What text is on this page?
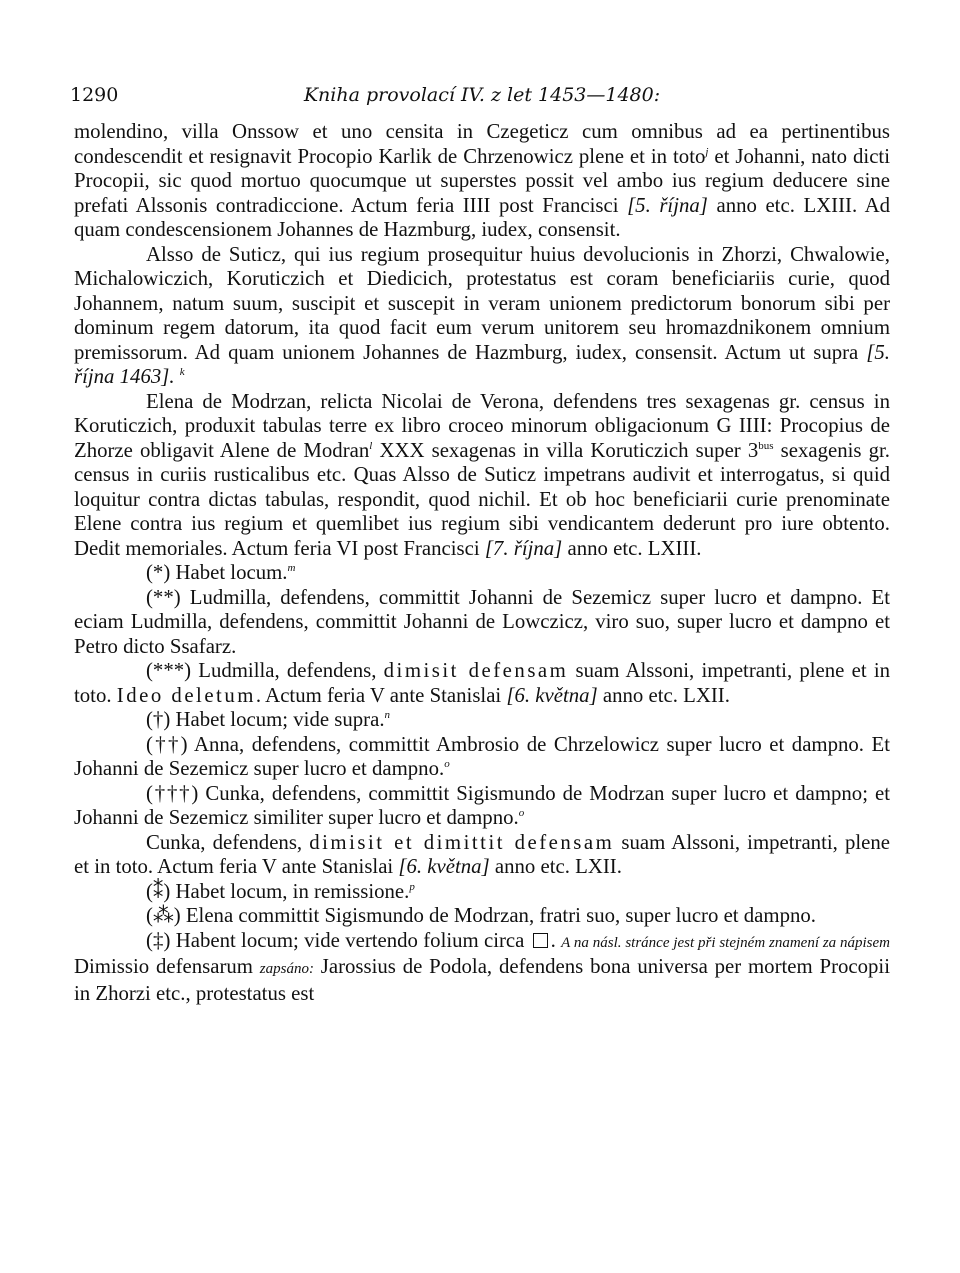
1290	Kniha provolací IV. z let 1453—1480:

molendino, villa Onssow et uno censita in Czegeticz cum omnibus ad ea pertinentibus condescendit et resignavit Procopio Karlik de Chrzenowicz plene et in toto$^j$ et Johanni, nato dicti Procopii, sic quod mortuo quocumque ut superstes possit vel ambo ius regium deducere sine prefati Alssonis contradiccione. Actum feria IIII post Francisci [5. října] anno etc. LXIII. Ad quam condescensionem Johannes de Hazmburg, iudex, consensit.

Alsso de Suticz, qui ius regium prosequitur huius devolucionis in Zhorzi, Chwalowie, Michalowiczich, Koruticzich et Diedicich, protestatus est coram beneficiariis curie, quod Johannem, natum suum, suscipit et suscepit in veram unionem predictorum bonorum sibi per dominum regem datorum, ita quod facit eum verum unitorem seu hromazdnikonem omnium premissorum. Ad quam unionem Johannes de Hazmburg, iudex, consensit. Actum ut supra [5. října 1463]. $^k$

Elena de Modrzan, relicta Nicolai de Verona, defendens tres sexagenas gr. census in Koruticzich, produxit tabulas terre ex libro croceo minorum obligacionum G IIII: Procopius de Zhorze obligavit Alene de Modran$^l$ XXX sexagenas in villa Koruticzich super $3^{bus}$ sexagenis gr. census in curiis rusticalibus etc. Quas Alsso de Suticz impetrans audivit et interrogatus, si quid loquitur contra dictas tabulas, respondit, quod nichil. Et ob hoc beneficiarii curie prenominate Elene contra ius regium et quemlibet ius regium sibi vendicantem dederunt pro iure obtento. Dedit memoriales. Actum feria VI post Francisci [7. října] anno etc. LXIII.

(*) Habet locum.$^m$

(**) Ludmilla, defendens, committit Johanni de Sezemicz super lucro et dampno. Et eciam Ludmilla, defendens, committit Johanni de Lowczicz, viro suo, super lucro et dampno et Petro dicto Ssafarz.

(***) Ludmilla, defendens, dimisit defensam suam Alssoni, impetranti, plene et in toto. Ideo deletum. Actum feria V ante Stanislai [6. května] anno etc. LXII.

(†) Habet locum; vide supra.$^n$

(††) Anna, defendens, committit Ambrosio de Chrzelowicz super lucro et dampno. Et Johanni de Sezemicz super lucro et dampno.$^o$

(†††) Cunka, defendens, committit Sigismundo de Modrzan super lucro et dampno; et Johanni de Sezemicz similiter super lucro et dampno.$^o$

Cunka, defendens, dimisit et dimittit defensam suam Alssoni, impetranti, plene et in toto. Actum feria V ante Stanislai [6. května] anno etc. LXII.

(⁑) Habet locum, in remissione.$^p$

(⁂) Elena committit Sigismundo de Modrzan, fratri suo, super lucro et dampno.

(‡) Habent locum; vide vertendo folium circa . A na násl. stránce jest při stejném znamení za nápisem Dimissio defensarum zapsáno: Jarossius de Podola, defendens bona universa per mortem Procopii in Zhorzi etc., protestatus est
